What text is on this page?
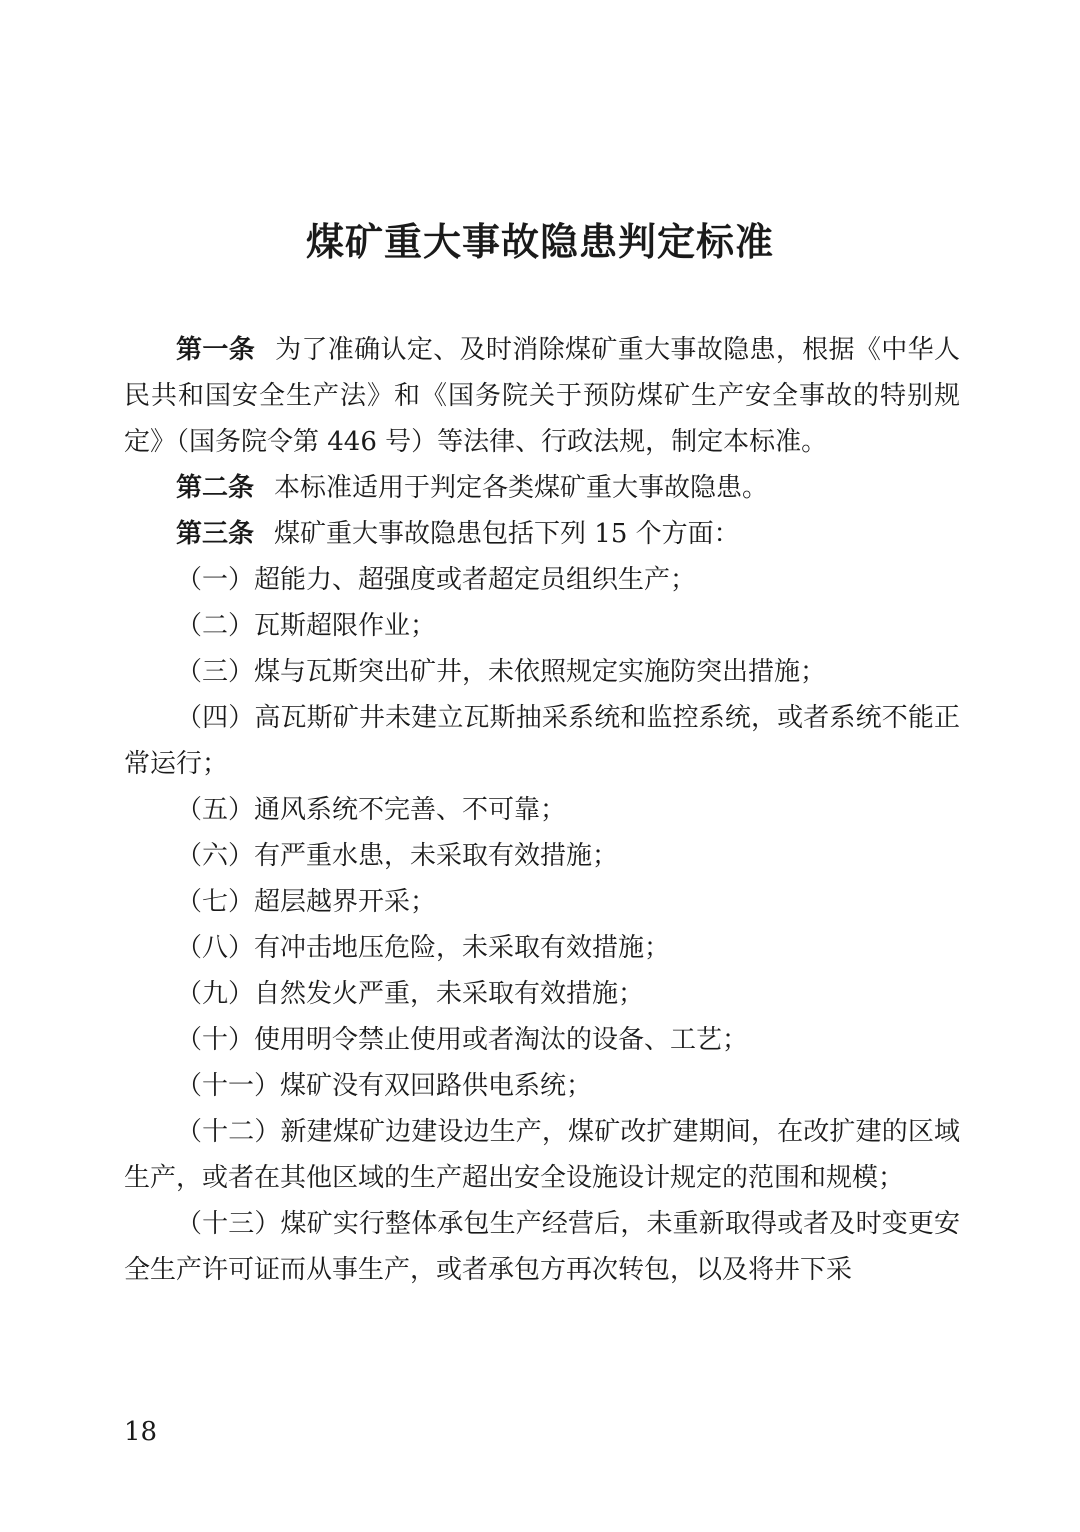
煤矿重大事故隐患判定标准

第一条 为了准确认定、及时消除煤矿重大事故隐患，根据《中华人民共和国安全生产法》和《国务院关于预防煤矿生产安全事故的特别规定》（国务院令第 446 号）等法律、行政法规，制定本标准。

第二条 本标准适用于判定各类煤矿重大事故隐患。

第三条 煤矿重大事故隐患包括下列 15 个方面：

（一）超能力、超强度或者超定员组织生产；

（二）瓦斯超限作业；

（三）煤与瓦斯突出矿井，未依照规定实施防突出措施；

（四）高瓦斯矿井未建立瓦斯抽采系统和监控系统，或者系统不能正常运行；

（五）通风系统不完善、不可靠；

（六）有严重水患，未采取有效措施；

（七）超层越界开采；

（八）有冲击地压危险，未采取有效措施；

（九）自然发火严重，未采取有效措施；

（十）使用明令禁止使用或者淘汰的设备、工艺；

（十一）煤矿没有双回路供电系统；

（十二）新建煤矿边建设边生产，煤矿改扩建期间，在改扩建的区域生产，或者在其他区域的生产超出安全设施设计规定的范围和规模；

（十三）煤矿实行整体承包生产经营后，未重新取得或者及时变更安全生产许可证而从事生产，或者承包方再次转包，以及将井下采

18
